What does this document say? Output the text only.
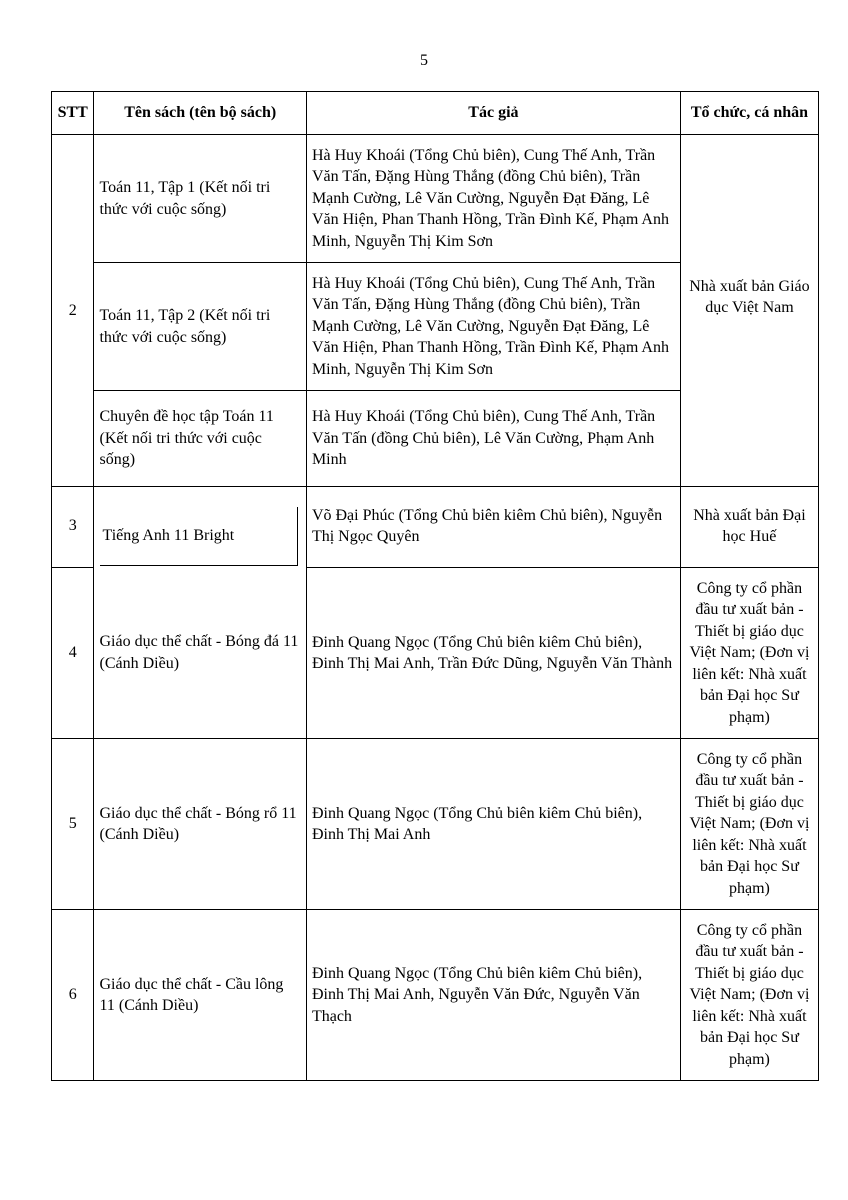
5
STT	Tên sách (tên bộ sách)	Tác giả	Tổ chức, cá nhân
2	Toán 11, Tập 1 (Kết nối tri thức với cuộc sống)	Hà Huy Khoái (Tổng Chủ biên), Cung Thế Anh, Trần Văn Tấn, Đặng Hùng Thắng (đồng Chủ biên), Trần Mạnh Cường, Lê Văn Cường, Nguyễn Đạt Đăng, Lê Văn Hiện, Phan Thanh Hồng, Trần Đình Kế, Phạm Anh Minh, Nguyễn Thị Kim Sơn	Nhà xuất bản Giáo dục Việt Nam
	Toán 11, Tập 2 (Kết nối tri thức với cuộc sống)	Hà Huy Khoái (Tổng Chủ biên), Cung Thế Anh, Trần Văn Tấn, Đặng Hùng Thắng (đồng Chủ biên), Trần Mạnh Cường, Lê Văn Cường, Nguyễn Đạt Đăng, Lê Văn Hiện, Phan Thanh Hồng, Trần Đình Kế, Phạm Anh Minh, Nguyễn Thị Kim Sơn	
	Chuyên đề học tập Toán 11 (Kết nối tri thức với cuộc sống)	Hà Huy Khoái (Tổng Chủ biên), Cung Thế Anh, Trần Văn Tấn (đồng Chủ biên), Lê Văn Cường, Phạm Anh Minh	
3	Tiếng Anh 11 Bright	Võ Đại Phúc (Tổng Chủ biên kiêm Chủ biên), Nguyễn Thị Ngọc Quyên	Nhà xuất bản Đại học Huế
4	Giáo dục thể chất - Bóng đá 11 (Cánh Diều)	Đinh Quang Ngọc (Tổng Chủ biên kiêm Chủ biên), Đinh Thị Mai Anh, Trần Đức Dũng, Nguyễn Văn Thành	Công ty cổ phần đầu tư xuất bản - Thiết bị giáo dục Việt Nam; (Đơn vị liên kết: Nhà xuất bản Đại học Sư phạm)
5	Giáo dục thể chất - Bóng rổ 11 (Cánh Diều)	Đinh Quang Ngọc (Tổng Chủ biên kiêm Chủ biên), Đinh Thị Mai Anh	Công ty cổ phần đầu tư xuất bản - Thiết bị giáo dục Việt Nam; (Đơn vị liên kết: Nhà xuất bản Đại học Sư phạm)
6	Giáo dục thể chất - Cầu lông 11 (Cánh Diều)	Đinh Quang Ngọc (Tổng Chủ biên kiêm Chủ biên), Đinh Thị Mai Anh, Nguyễn Văn Đức, Nguyễn Văn Thạch	Công ty cổ phần đầu tư xuất bản - Thiết bị giáo dục Việt Nam; (Đơn vị liên kết: Nhà xuất bản Đại học Sư phạm)
